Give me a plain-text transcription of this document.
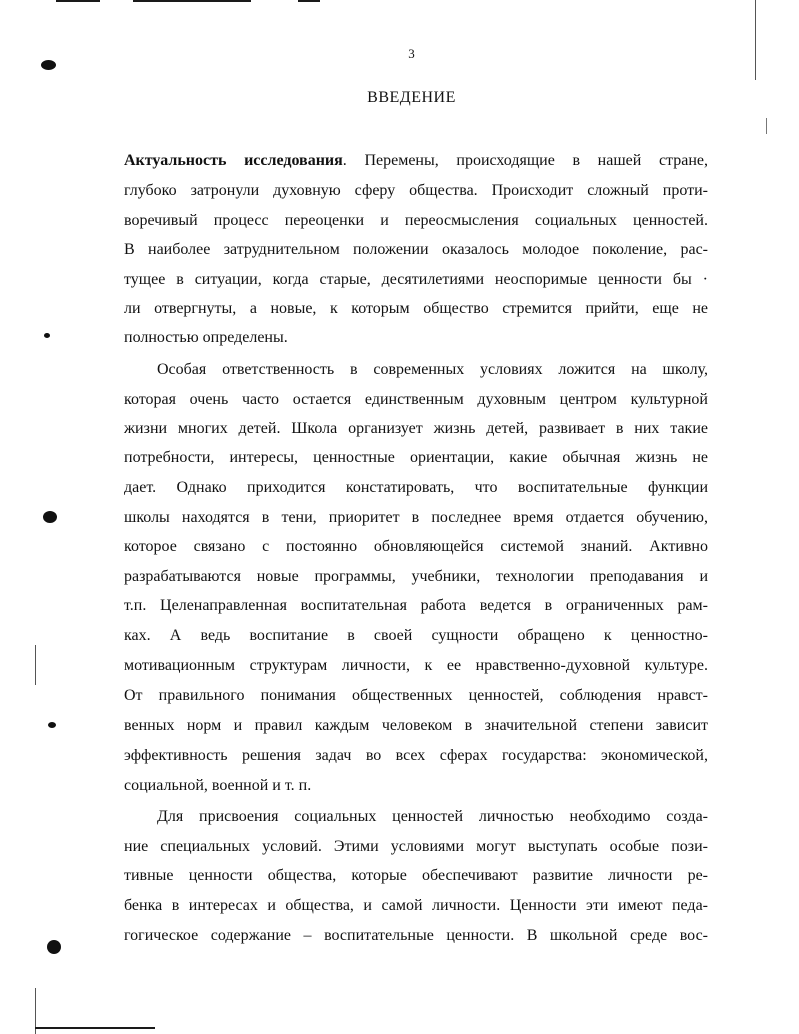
3
ВВЕДЕНИЕ
Актуальность исследования. Перемены, происходящие в нашей стране,
глубоко затронули духовную сферу общества. Происходит сложный проти-
воречивый процесс переоценки и переосмысления социальных ценностей.
В наиболее затруднительном положении оказалось молодое поколение, рас-
тущее в ситуации, когда старые, десятилетиями неоспоримые ценности бы ·
ли отвергнуты, а новые, к которым общество стремится прийти, еще не
полностью определены.
Особая ответственность в современных условиях ложится на школу,
которая очень часто остается единственным духовным центром культурной
жизни многих детей. Школа организует жизнь детей, развивает в них такие
потребности, интересы, ценностные ориентации, какие обычная жизнь не
дает. Однако приходится констатировать, что воспитательные функции
школы находятся в тени, приоритет в последнее время отдается обучению,
которое связано с постоянно обновляющейся системой знаний. Активно
разрабатываются новые программы, учебники, технологии преподавания и
т.п. Целенаправленная воспитательная работа ведется в ограниченных рам-
ках. А ведь воспитание в своей сущности обращено к ценностно-
мотивационным структурам личности, к ее нравственно-духовной культуре.
От правильного понимания общественных ценностей, соблюдения нравст-
венных норм и правил каждым человеком в значительной степени зависит
эффективность решения задач во всех сферах государства: экономической,
социальной, военной и т. п.
Для присвоения социальных ценностей личностью необходимо созда-
ние специальных условий. Этими условиями могут выступать особые пози-
тивные ценности общества, которые обеспечивают развитие личности ре-
бенка в интересах и общества, и самой личности. Ценности эти имеют педа-
гогическое содержание – воспитательные ценности. В школьной среде вос-
